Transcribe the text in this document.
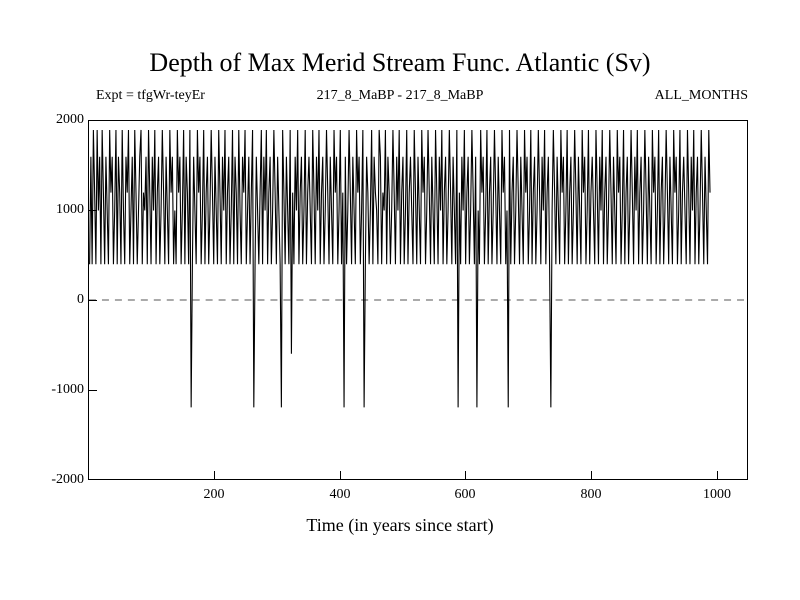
Depth of Max Merid Stream Func. Atlantic (Sv)
Expt = tfgWr-teyEr	217_8_MaBP - 217_8_MaBP	ALL_MONTHS
2000
1000
0
-1000
-2000
200	400	600	800	1000
Time (in years since start)
